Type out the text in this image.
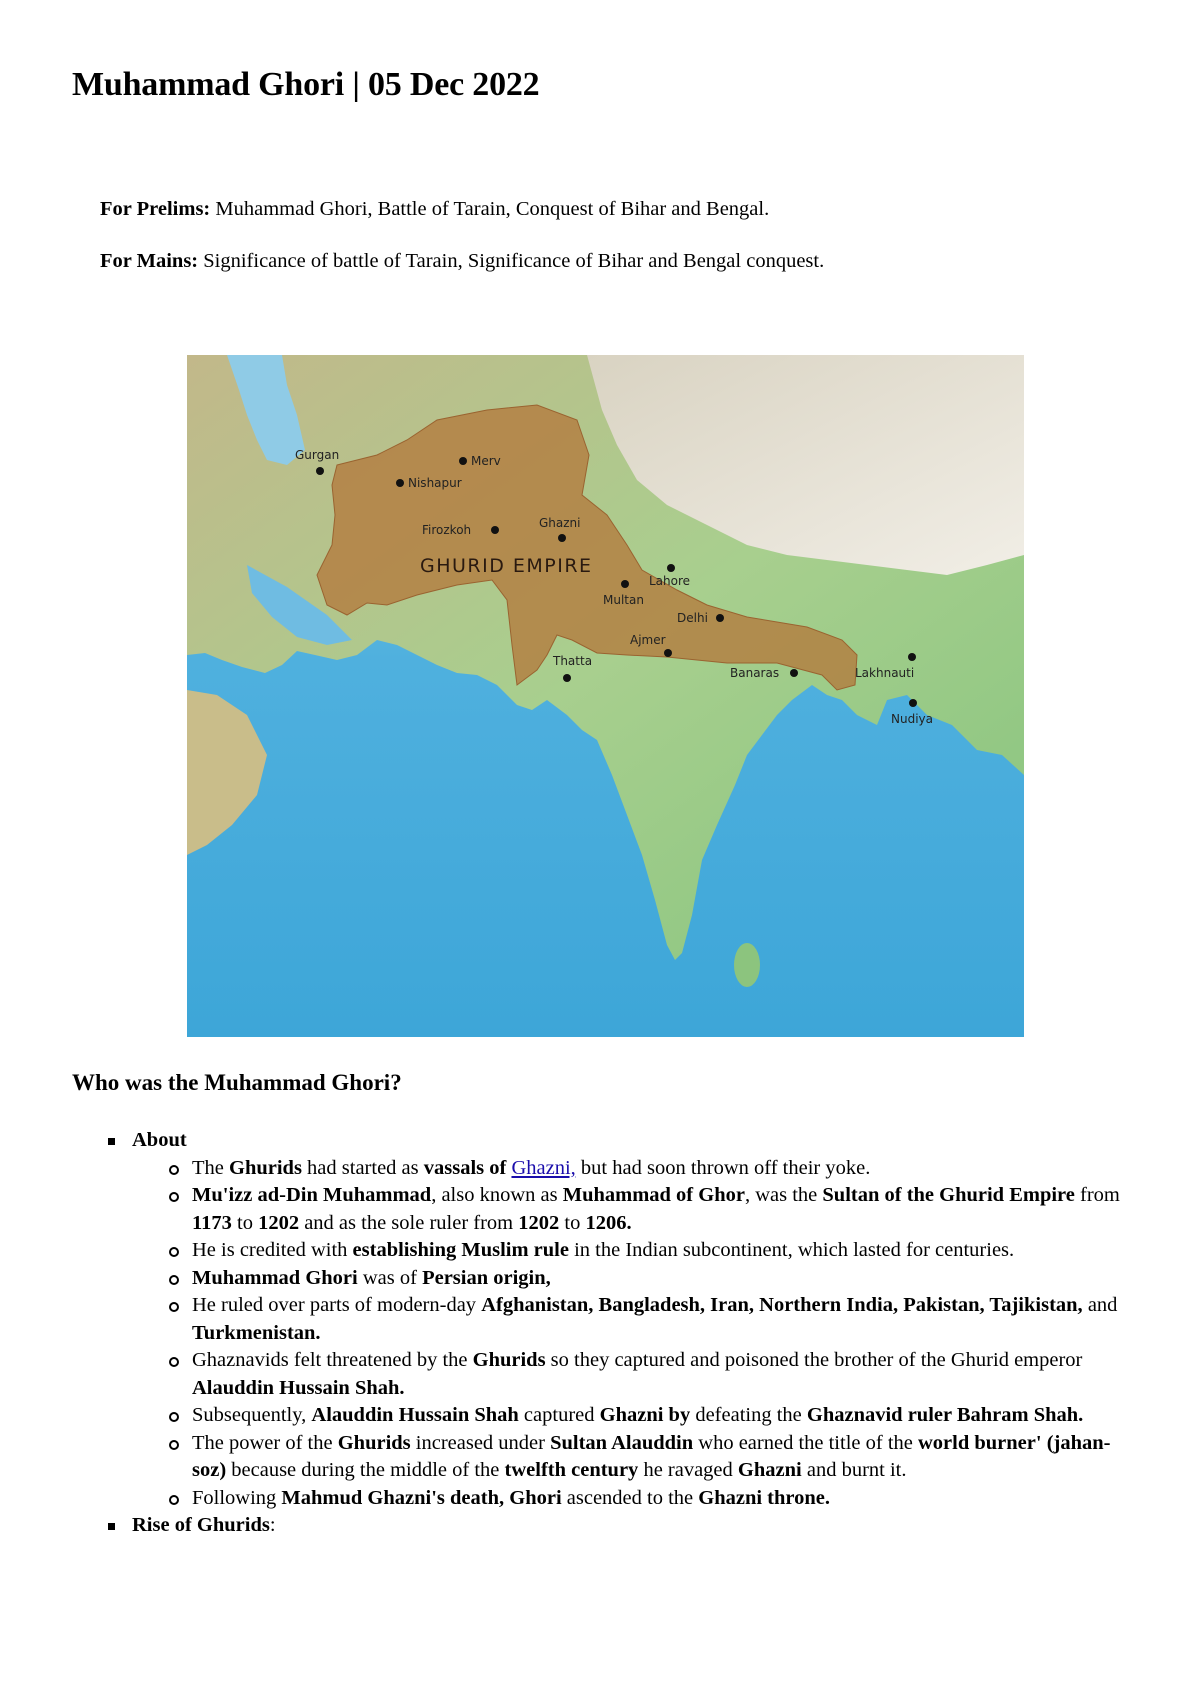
Muhammad Ghori | 05 Dec 2022

For Prelims: Muhammad Ghori, Battle of Tarain, Conquest of Bihar and Bengal.

For Mains: Significance of battle of Tarain, Significance of Bihar and Bengal conquest.

Gurgan	Merv
Nishapur
Firozkoh	Ghazni
Lahore
Multan
Delhi
Ajmer
Thatta
Banaras	Lakhnauti
Nudiya
GHURID EMPIRE
Who was the Muhammad Ghori?
About
The Ghurids had started as vassals of Ghazni, but had soon thrown off their yoke.
Mu'izz ad-Din Muhammad, also known as Muhammad of Ghor, was the Sultan of the Ghurid Empire from 1173 to 1202 and as the sole ruler from 1202 to 1206.
He is credited with establishing Muslim rule in the Indian subcontinent, which lasted for centuries.
Muhammad Ghori was of Persian origin,
He ruled over parts of modern-day Afghanistan, Bangladesh, Iran, Northern India, Pakistan, Tajikistan, and Turkmenistan.
Ghaznavids felt threatened by the Ghurids so they captured and poisoned the brother of the Ghurid emperor Alauddin Hussain Shah.
Subsequently, Alauddin Hussain Shah captured Ghazni by defeating the Ghaznavid ruler Bahram Shah.
The power of the Ghurids increased under Sultan Alauddin who earned the title of the world burner' (jahan-soz) because during the middle of the twelfth century he ravaged Ghazni and burnt it.
Following Mahmud Ghazni's death, Ghori ascended to the Ghazni throne.
Rise of Ghurids:
